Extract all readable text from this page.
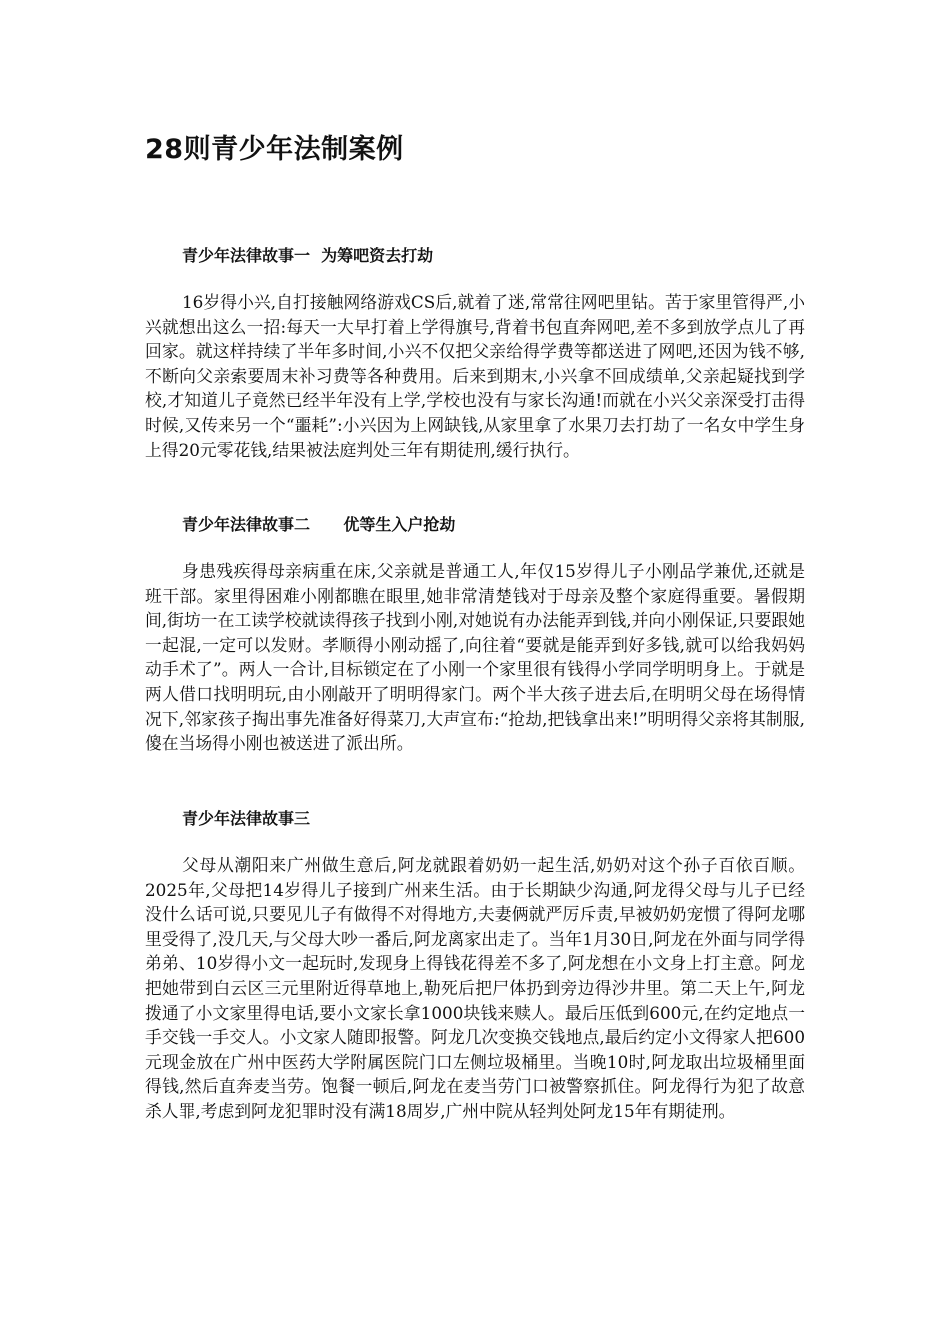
28则青少年法制案例
青少年法律故事一  为筹吧资去打劫

16岁得小兴,自打接触网络游戏CS后,就着了迷,常常往网吧里钻。苦于家里管得严,小兴就想出这么一招:每天一大早打着上学得旗号,背着书包直奔网吧,差不多到放学点儿了再回家。就这样持续了半年多时间,小兴不仅把父亲给得学费等都送进了网吧,还因为钱不够,不断向父亲索要周末补习费等各种费用。后来到期末,小兴拿不回成绩单,父亲起疑找到学校,才知道儿子竟然已经半年没有上学,学校也没有与家长沟通!而就在小兴父亲深受打击得时候,又传来另一个“噩耗”:小兴因为上网缺钱,从家里拿了水果刀去打劫了一名女中学生身上得20元零花钱,结果被法庭判处三年有期徒刑,缓行执行。

青少年法律故事二      优等生入户抢劫

身患残疾得母亲病重在床,父亲就是普通工人,年仅15岁得儿子小刚品学兼优,还就是班干部。家里得困难小刚都瞧在眼里,她非常清楚钱对于母亲及整个家庭得重要。暑假期间,街坊一在工读学校就读得孩子找到小刚,对她说有办法能弄到钱,并向小刚保证,只要跟她一起混,一定可以发财。孝顺得小刚动摇了,向往着“要就是能弄到好多钱,就可以给我妈妈动手术了”。两人一合计,目标锁定在了小刚一个家里很有钱得小学同学明明身上。于就是两人借口找明明玩,由小刚敲开了明明得家门。两个半大孩子进去后,在明明父母在场得情况下,邻家孩子掏出事先准备好得菜刀,大声宣布:“抢劫,把钱拿出来!”明明得父亲将其制服,傻在当场得小刚也被送进了派出所。

青少年法律故事三

父母从潮阳来广州做生意后,阿龙就跟着奶奶一起生活,奶奶对这个孙子百依百顺。 2025年,父母把14岁得儿子接到广州来生活。由于长期缺少沟通,阿龙得父母与儿子已经没什么话可说,只要见儿子有做得不对得地方,夫妻俩就严厉斥责,早被奶奶宠惯了得阿龙哪里受得了,没几天,与父母大吵一番后,阿龙离家出走了。当年1月30日,阿龙在外面与同学得弟弟、10岁得小文一起玩时,发现身上得钱花得差不多了,阿龙想在小文身上打主意。阿龙把她带到白云区三元里附近得草地上,勒死后把尸体扔到旁边得沙井里。第二天上午,阿龙拨通了小文家里得电话,要小文家长拿1000块钱来赎人。最后压低到600元,在约定地点一手交钱一手交人。小文家人随即报警。阿龙几次变换交钱地点,最后约定小文得家人把600元现金放在广州中医药大学附属医院门口左侧垃圾桶里。当晚10时,阿龙取出垃圾桶里面得钱,然后直奔麦当劳。饱餐一顿后,阿龙在麦当劳门口被警察抓住。阿龙得行为犯了故意杀人罪,考虑到阿龙犯罪时没有满18周岁,广州中院从轻判处阿龙15年有期徒刑。
